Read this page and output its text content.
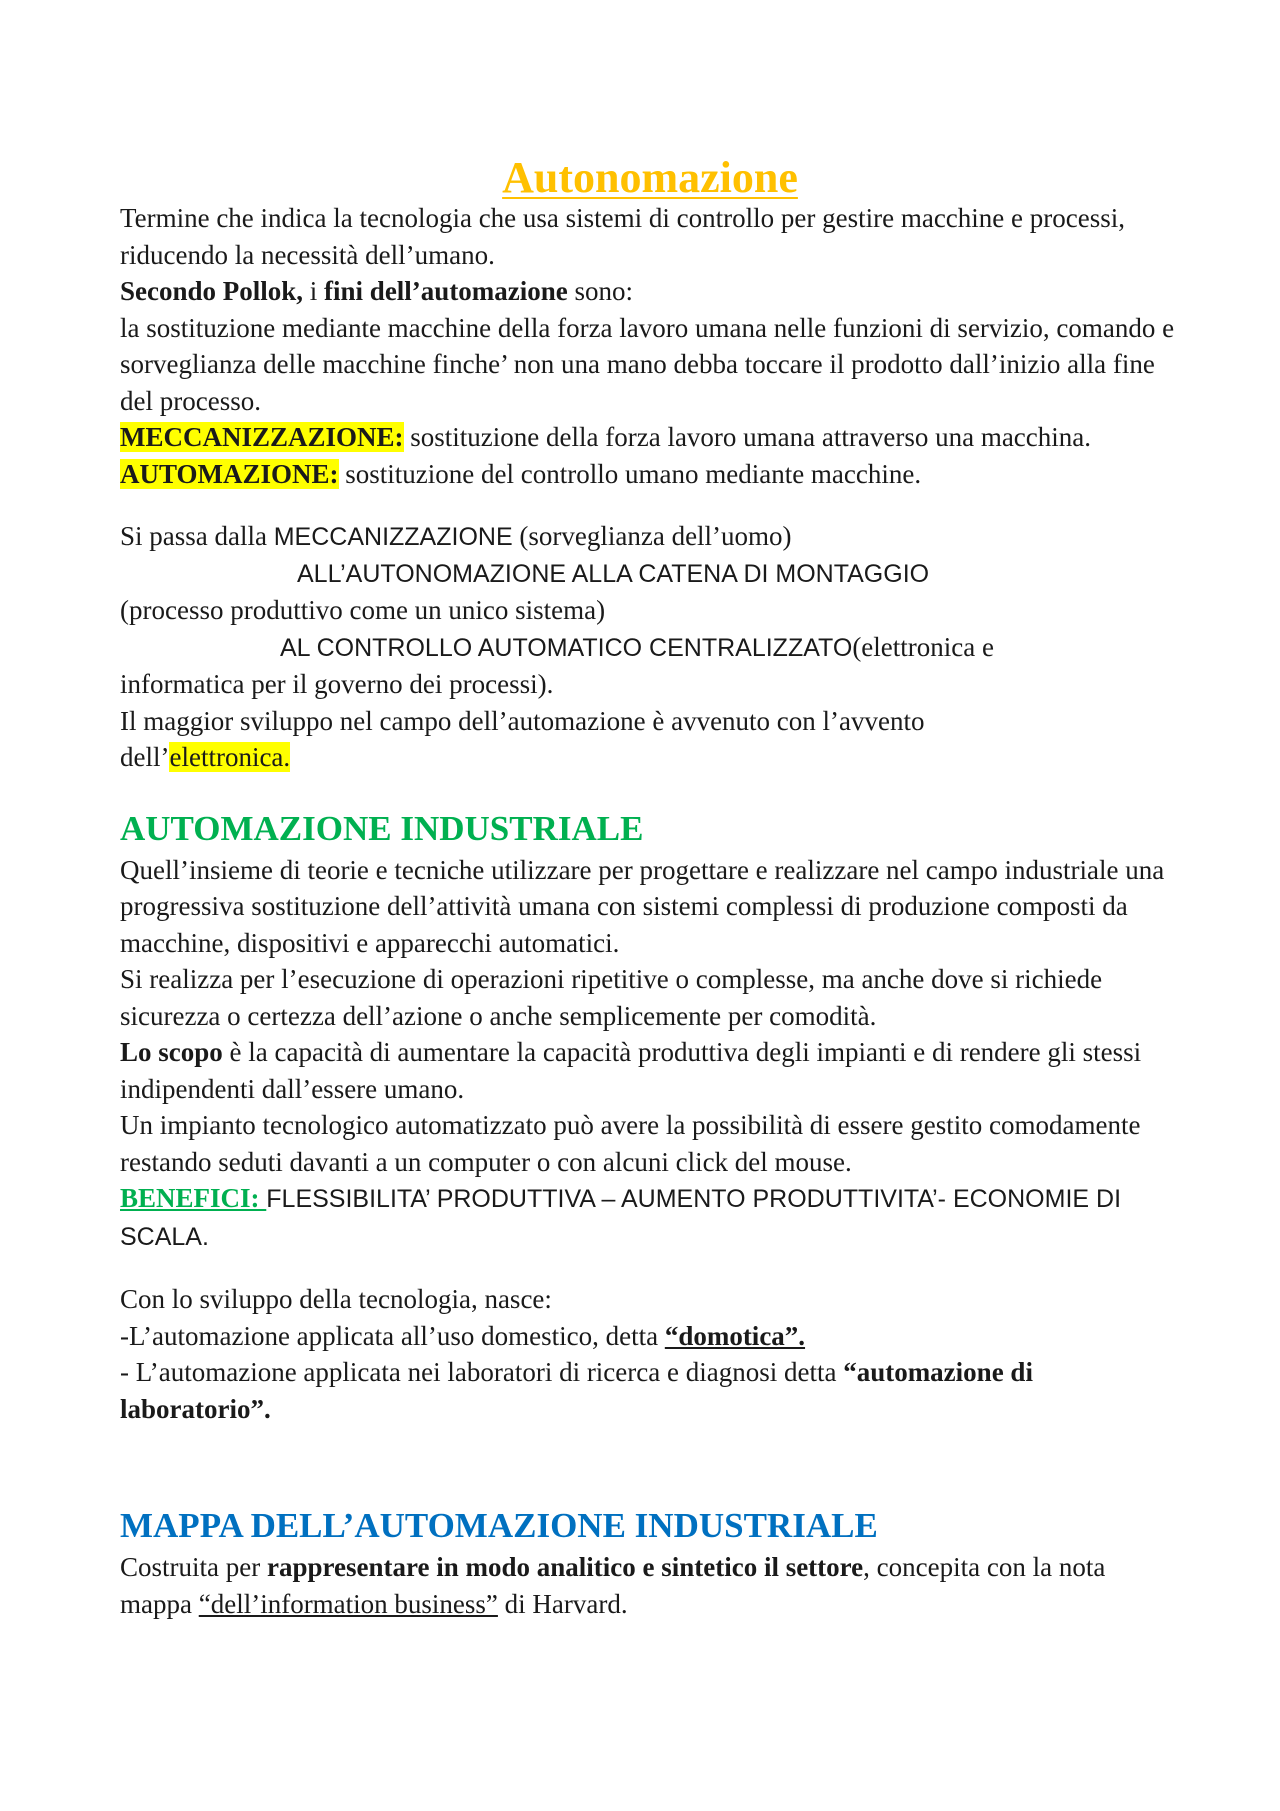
Autonomazione

Termine che indica la tecnologia che usa sistemi di controllo per gestire macchine e processi, riducendo la necessità dell’umano.

Secondo Pollok, i fini dell’automazione sono:

la sostituzione mediante macchine della forza lavoro umana nelle funzioni di servizio, comando e sorveglianza delle macchine finche’ non una mano debba toccare il prodotto dall’inizio alla fine del processo.

MECCANIZZAZIONE: sostituzione della forza lavoro umana attraverso una macchina.

AUTOMAZIONE: sostituzione del controllo umano mediante macchine.

Si passa dalla MECCANIZZAZIONE (sorveglianza dell’uomo)

ALL’AUTONOMAZIONE ALLA CATENA DI MONTAGGIO

(processo produttivo come un unico sistema)

AL CONTROLLO AUTOMATICO CENTRALIZZATO(elettronica e

informatica per il governo dei processi).

Il maggior sviluppo nel campo dell’automazione è avvenuto con l’avvento

dell’elettronica.

AUTOMAZIONE INDUSTRIALE

Quell’insieme di teorie e tecniche utilizzare per progettare e realizzare nel campo industriale una progressiva sostituzione dell’attività umana con sistemi complessi di produzione composti da macchine, dispositivi e apparecchi automatici.

Si realizza per l’esecuzione di operazioni ripetitive o complesse, ma anche dove si richiede sicurezza o certezza dell’azione o anche semplicemente per comodità.

Lo scopo è la capacità di aumentare la capacità produttiva degli impianti e di rendere gli stessi indipendenti dall’essere umano.

Un impianto tecnologico automatizzato può avere la possibilità di essere gestito comodamente restando seduti davanti a un computer o con alcuni click del mouse.

BENEFICI: FLESSIBILITA’ PRODUTTIVA – AUMENTO PRODUTTIVITA’- ECONOMIE DI SCALA.

Con lo sviluppo della tecnologia, nasce:

-L’automazione applicata all’uso domestico, detta “domotica”.

- L’automazione applicata nei laboratori di ricerca e diagnosi detta “automazione di laboratorio”.

MAPPA DELL’AUTOMAZIONE INDUSTRIALE

Costruita per rappresentare in modo analitico e sintetico il settore, concepita con la nota mappa “dell’information business” di Harvard.
